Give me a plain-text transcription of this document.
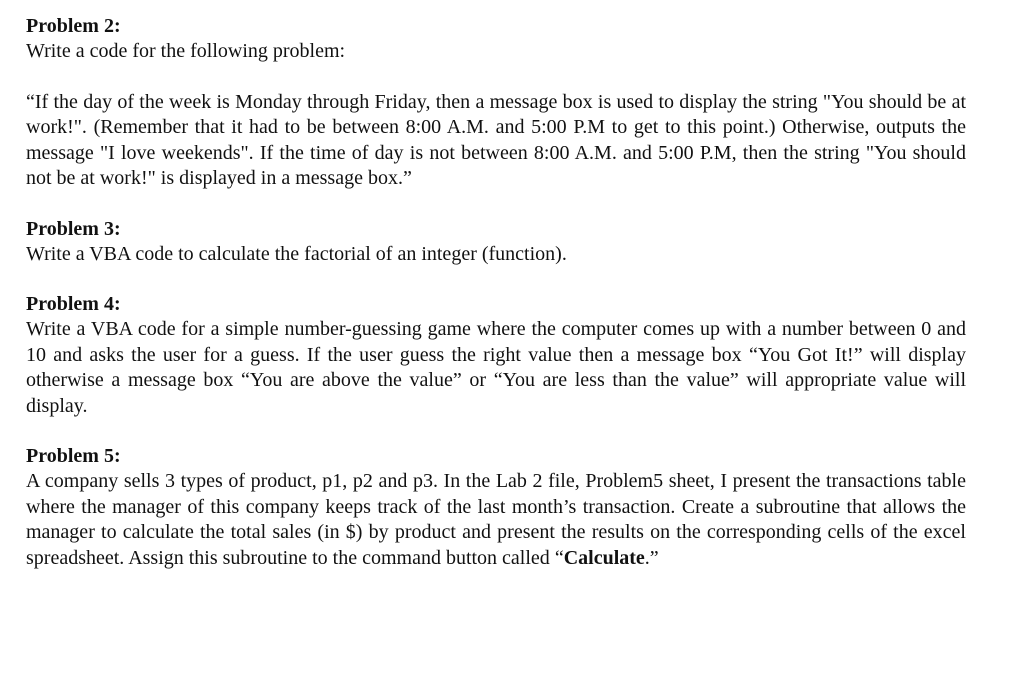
Problem 2:

Write a code for the following problem:

“If the day of the week is Monday through Friday, then a message box is used to display the string "You should be at work!". (Remember that it had to be between 8:00 A.M. and 5:00 P.M to get to this point.) Otherwise, outputs the message "I love weekends". If the time of day is not between 8:00 A.M. and 5:00 P.M, then the string "You should not be at work!" is displayed in a message box.”

Problem 3:

Write a VBA code to calculate the factorial of an integer (function).

Problem 4:

Write a VBA code for a simple number-guessing game where the computer comes up with a number between 0 and 10 and asks the user for a guess. If the user guess the right value then a message box “You Got It!” will display otherwise a message box “You are above the value” or “You are less than the value” will appropriate value will display.

Problem 5:

A company sells 3 types of product, p1, p2 and p3. In the Lab 2 file, Problem5 sheet, I present the transactions table where the manager of this company keeps track of the last month’s transaction. Create a subroutine that allows the manager to calculate the total sales (in $) by product and present the results on the corresponding cells of the excel spreadsheet. Assign this subroutine to the command button called “Calculate.”
